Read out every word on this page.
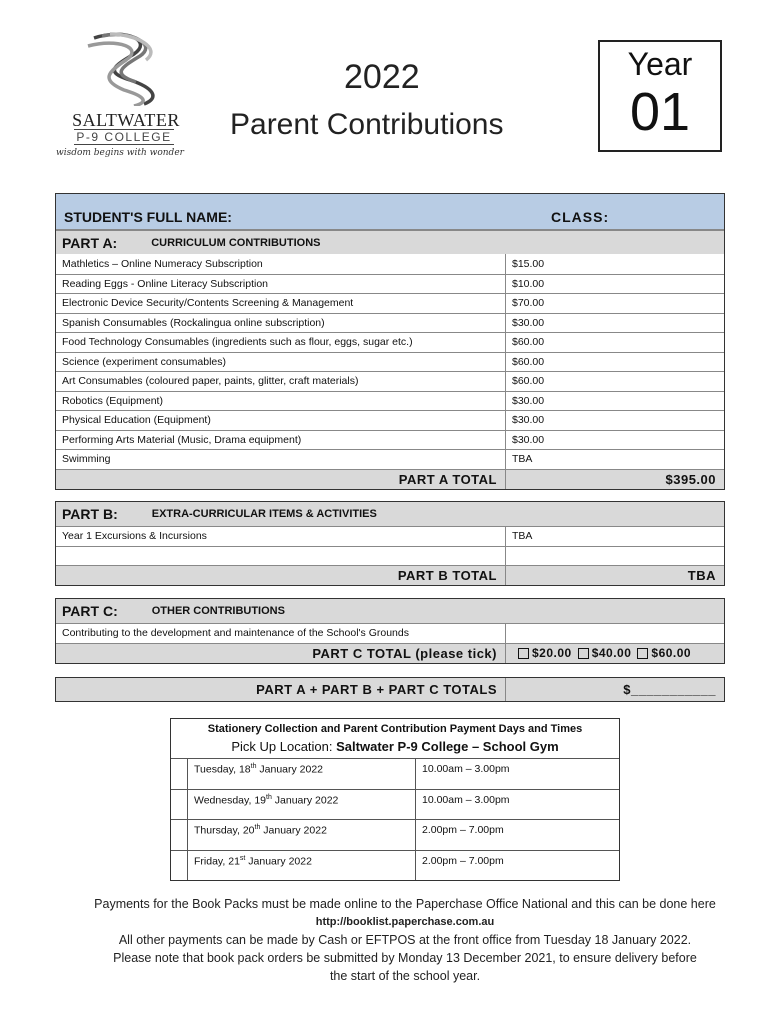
SALTWATER
P-9 COLLEGE
wisdom begins with wonder
2022
Parent Contributions
Year
01
STUDENT'S FULL NAME:	CLASS:
PART A:	CURRICULUM CONTRIBUTIONS
Mathletics – Online Numeracy Subscription	$15.00
Reading Eggs - Online Literacy Subscription	$10.00
Electronic Device Security/Contents Screening & Management	$70.00
Spanish Consumables (Rockalingua online subscription)	$30.00
Food Technology Consumables (ingredients such as flour, eggs, sugar etc.)	$60.00
Science (experiment consumables)	$60.00
Art Consumables (coloured paper, paints, glitter, craft materials)	$60.00
Robotics (Equipment)	$30.00
Physical Education (Equipment)	$30.00
Performing Arts Material (Music, Drama equipment)	$30.00
Swimming	TBA
PART A TOTAL	$395.00
PART B:	EXTRA-CURRICULAR ITEMS & ACTIVITIES
Year 1 Excursions & Incursions	TBA
PART B TOTAL	TBA
PART C:	OTHER CONTRIBUTIONS
Contributing to the development and maintenance of the School's Grounds
PART C TOTAL (please tick)	$20.00 $40.00 $60.00
PART A + PART B + PART C TOTALS	$___________
Stationery Collection and Parent Contribution Payment Days and Times
Pick Up Location: Saltwater P-9 College – School Gym
Tuesday, 18th January 2022	10.00am – 3.00pm
Wednesday, 19th January 2022	10.00am – 3.00pm
Thursday, 20th January 2022	2.00pm – 7.00pm
Friday, 21st January 2022	2.00pm – 7.00pm
Payments for the Book Packs must be made online to the Paperchase Office National and this can be done here
http://booklist.paperchase.com.au
All other payments can be made by Cash or EFTPOS at the front office from Tuesday 18 January 2022.
Please note that book pack orders be submitted by Monday 13 December 2021, to ensure delivery before
the start of the school year.
